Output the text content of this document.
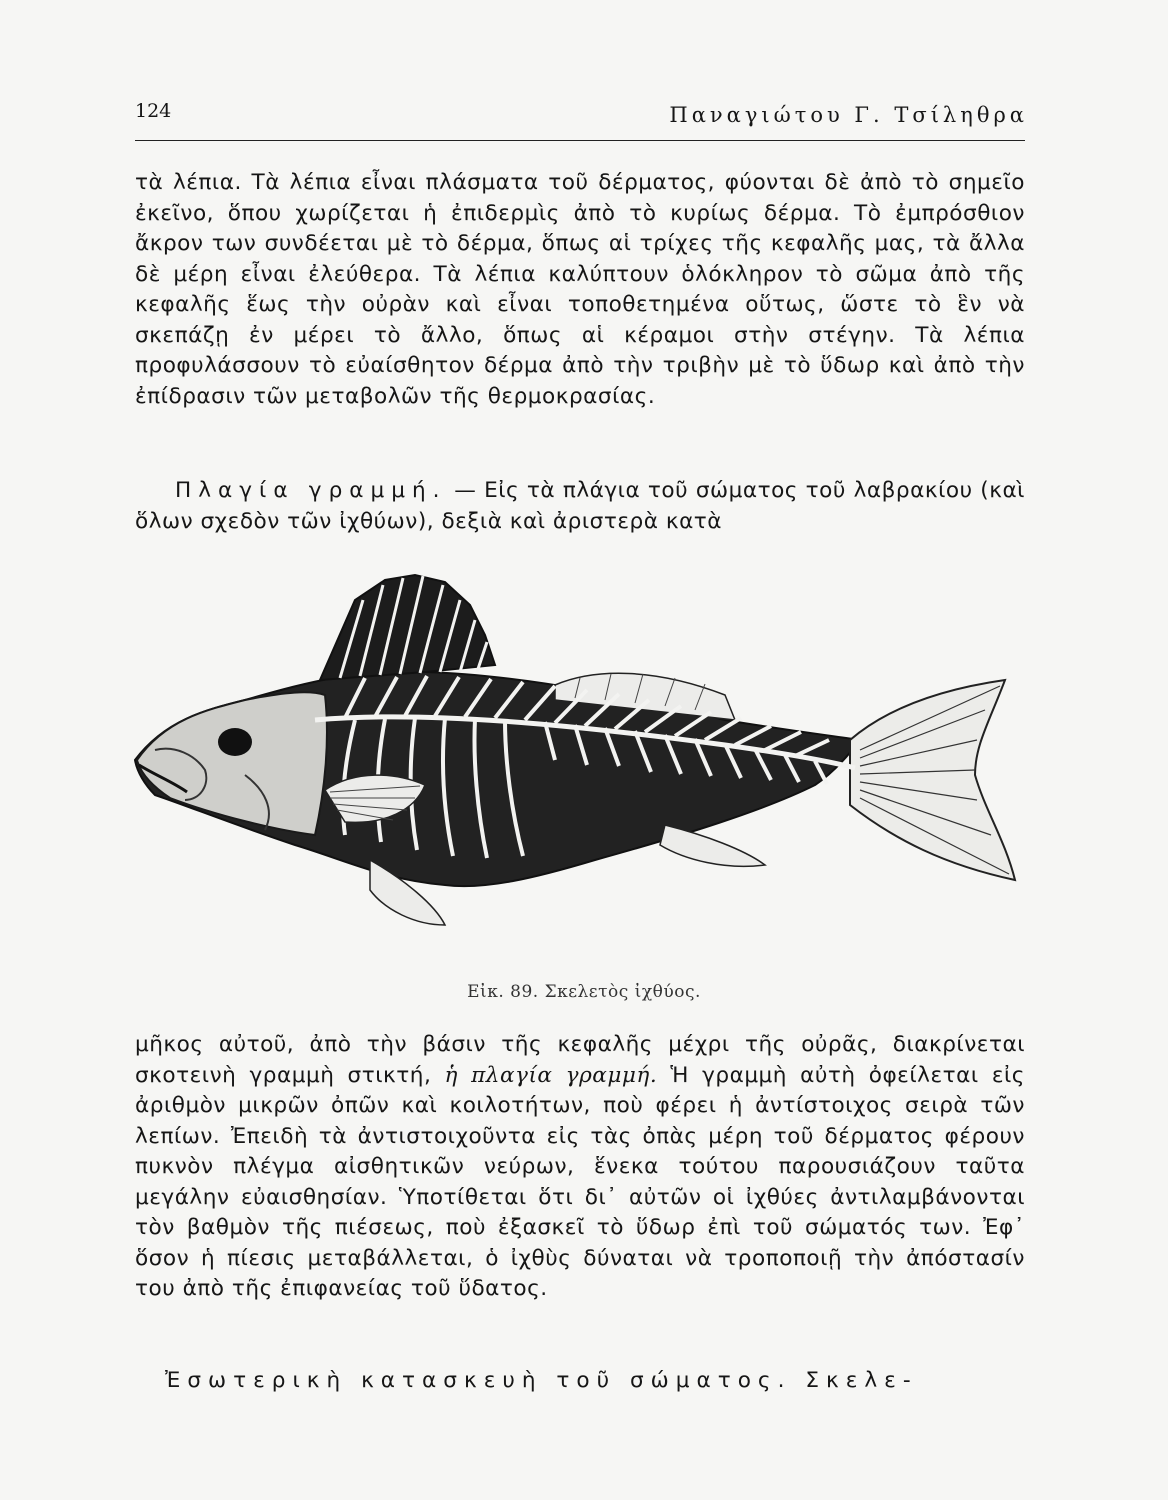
124	Παναγιώτου Γ. Τσίληθρα

τὰ λέπια. Τὰ λέπια εἶναι πλάσματα τοῦ δέρματος, φύονται δὲ ἀπὸ τὸ σημεῖο ἐκεῖνο, ὅπου χωρίζεται ἡ ἐπιδερμὶς ἀπὸ τὸ κυρίως δέρμα. Τὸ ἐμπρόσθιον ἄκρον των συνδέεται μὲ τὸ δέρμα, ὅπως αἱ τρίχες τῆς κεφαλῆς μας, τὰ ἄλλα δὲ μέρη εἶναι ἐλεύθερα. Τὰ λέπια καλύπτουν ὁλόκληρον τὸ σῶμα ἀπὸ τῆς κεφαλῆς ἕως τὴν οὐρὰν καὶ εἶναι τοποθετημένα οὕτως, ὥστε τὸ ἓν νὰ σκεπάζῃ ἐν μέρει τὸ ἄλλο, ὅπως αἱ κέραμοι στὴν στέγην. Τὰ λέπια προφυλάσσουν τὸ εὐαίσθητον δέρμα ἀπὸ τὴν τριβὴν μὲ τὸ ὕδωρ καὶ ἀπὸ τὴν ἐπίδρασιν τῶν μεταβολῶν τῆς θερμοκρασίας.

Πλαγία γραμμή. — Εἰς τὰ πλάγια τοῦ σώματος τοῦ λαβρακίου (καὶ ὅλων σχεδὸν τῶν ἰχθύων), δεξιὰ καὶ ἀριστερὰ κατὰ

Εἰκ. 89. Σκελετὸς ἰχθύος.

μῆκος αὐτοῦ, ἀπὸ τὴν βάσιν τῆς κεφαλῆς μέχρι τῆς οὐρᾶς, διακρίνεται σκοτεινὴ γραμμὴ στικτή, ἡ πλαγία γραμμή. Ἡ γραμμὴ αὐτὴ ὀφείλεται εἰς ἀριθμὸν μικρῶν ὀπῶν καὶ κοιλοτήτων, ποὺ φέρει ἡ ἀντίστοιχος σειρὰ τῶν λεπίων. Ἐπειδὴ τὰ ἀντιστοιχοῦντα εἰς τὰς ὀπὰς μέρη τοῦ δέρματος φέρουν πυκνὸν πλέγμα αἰσθητικῶν νεύρων, ἕνεκα τούτου παρουσιάζουν ταῦτα μεγάλην εὐαισθησίαν. Ὑποτίθεται ὅτι δι᾽ αὐτῶν οἱ ἰχθύες ἀντιλαμβάνονται τὸν βαθμὸν τῆς πιέσεως, ποὺ ἐξασκεῖ τὸ ὕδωρ ἐπὶ τοῦ σώματός των. Ἐφ᾽ ὅσον ἡ πίεσις μεταβάλλεται, ὁ ἰχθὺς δύναται νὰ τροποποιῇ τὴν ἀπόστασίν του ἀπὸ τῆς ἐπιφανείας τοῦ ὕδατος.

Ἐσωτερικὴ κατασκευὴ τοῦ σώματος. Σκελε-
